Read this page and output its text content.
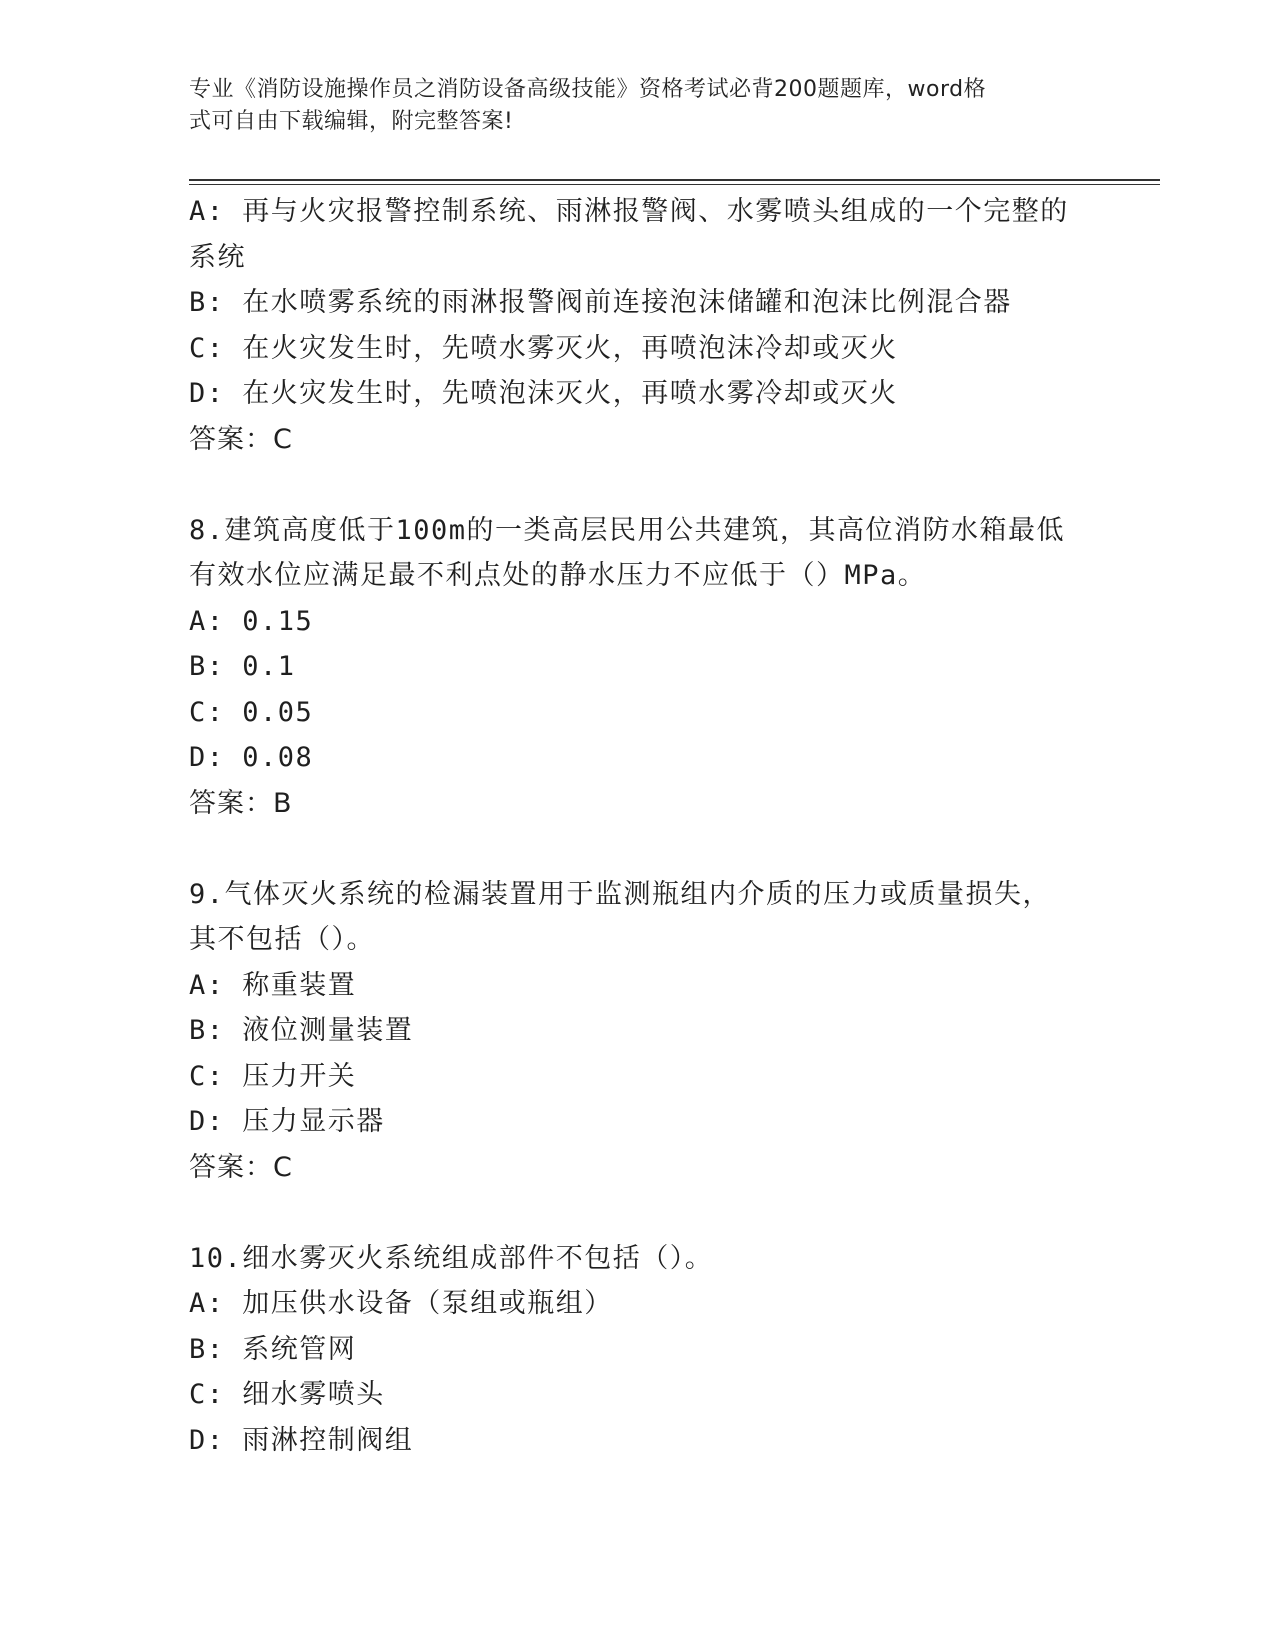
专业《消防设施操作员之消防设备高级技能》资格考试必背200题题库，word格
式可自由下载编辑，附完整答案!
A: 再与火灾报警控制系统、雨淋报警阀、水雾喷头组成的一个完整的
系统
B: 在水喷雾系统的雨淋报警阀前连接泡沫储罐和泡沫比例混合器
C: 在火灾发生时，先喷水雾灭火，再喷泡沫冷却或灭火
D: 在火灾发生时，先喷泡沫灭火，再喷水雾冷却或灭火
答案：C
8.建筑高度低于100m的一类高层民用公共建筑，其高位消防水箱最低
有效水位应满足最不利点处的静水压力不应低于（）MPa。
A: 0.15
B: 0.1
C: 0.05
D: 0.08
答案：B
9.气体灭火系统的检漏装置用于监测瓶组内介质的压力或质量损失，
其不包括（）。
A: 称重装置
B: 液位测量装置
C: 压力开关
D: 压力显示器
答案：C
10.细水雾灭火系统组成部件不包括（）。
A: 加压供水设备（泵组或瓶组）
B: 系统管网
C: 细水雾喷头
D: 雨淋控制阀组
